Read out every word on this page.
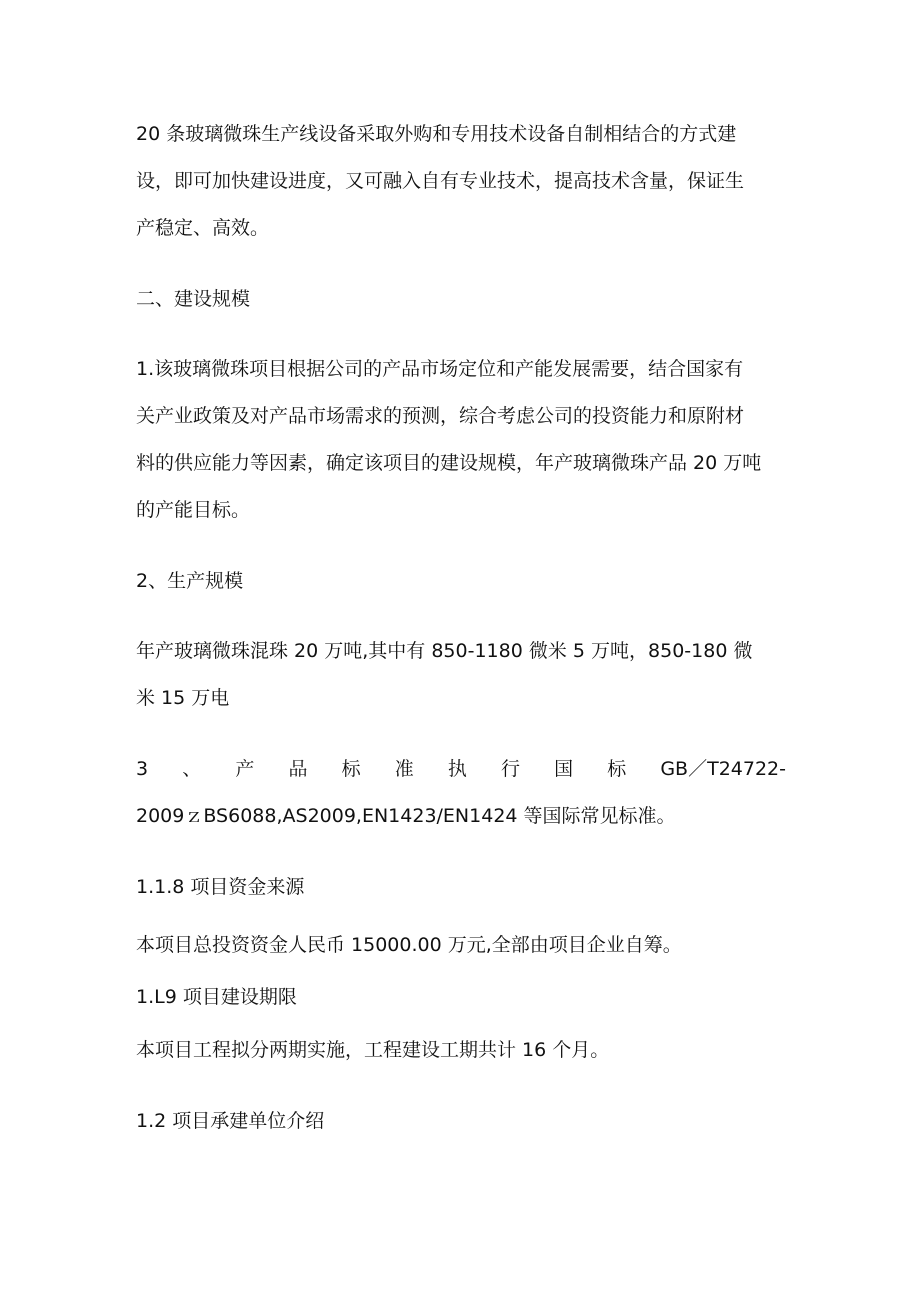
20 条玻璃微珠生产线设备采取外购和专用技术设备自制相结合的方式建
设，即可加快建设进度，又可融入自有专业技术，提高技术含量，保证生
产稳定、高效。
二、建设规模
1.该玻璃微珠项目根据公司的产品市场定位和产能发展需要，结合国家有
关产业政策及对产品市场需求的预测，综合考虑公司的投资能力和原附材
料的供应能力等因素，确定该项目的建设规模，年产玻璃微珠产品 20 万吨
的产能目标。
2、生产规模
年产玻璃微珠混珠 20 万吨,其中有 850-1180 微米 5 万吨，850-180 微
米 15 万电
3 、 产 品 标 准 执 行 国 标 GB／T24722-
2009ｚBS6088,AS2009,EN1423/EN1424 等国际常见标准。
1.1.8 项目资金来源
本项目总投资资金人民币 15000.00 万元,全部由项目企业自筹。
1.L9 项目建设期限
本项目工程拟分两期实施，工程建设工期共计 16 个月。
1.2 项目承建单位介绍
